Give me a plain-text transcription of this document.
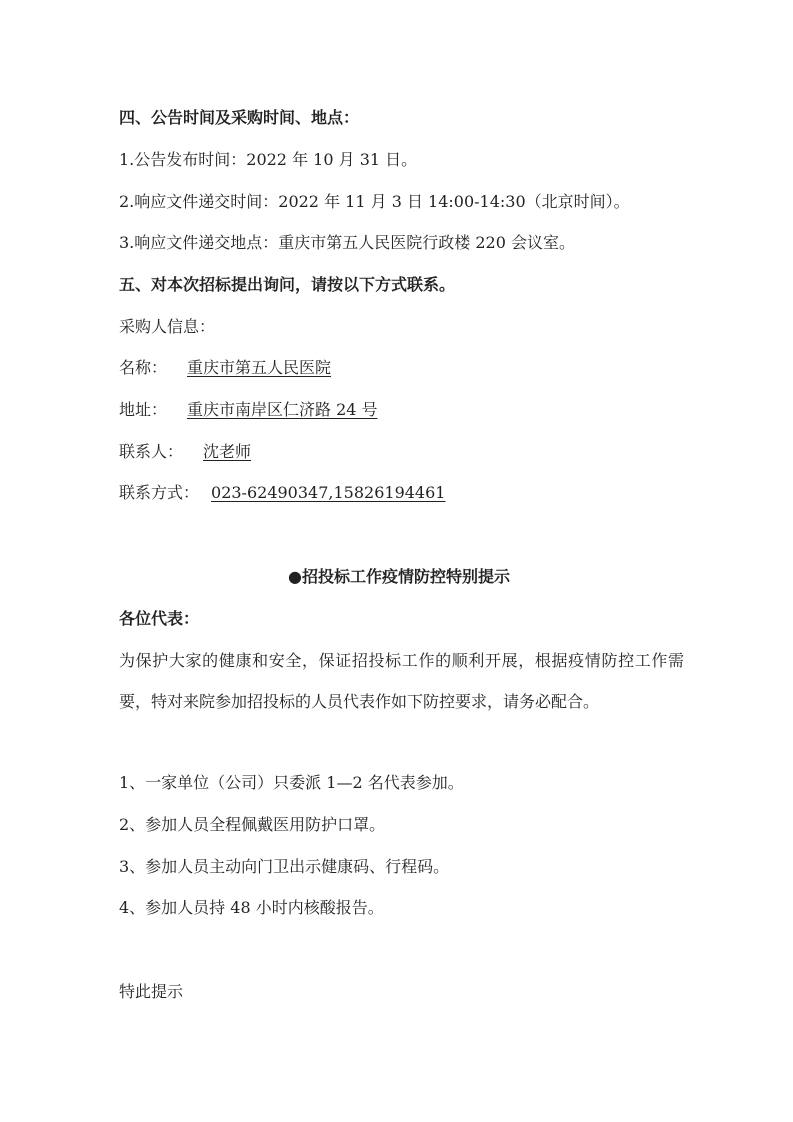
四、公告时间及采购时间、地点：
1.公告发布时间：2022 年 10 月 31 日。
2.响应文件递交时间：2022 年 11 月 3 日 14:00-14:30（北京时间）。
3.响应文件递交地点：重庆市第五人民医院行政楼 220 会议室。
五、对本次招标提出询问，请按以下方式联系。
采购人信息：
名称： 重庆市第五人民医院
地址： 重庆市南岸区仁济路 24 号
联系人： 沈老师
联系方式： 023-62490347,15826194461
●招投标工作疫情防控特别提示
各位代表：
为保护大家的健康和安全，保证招投标工作的顺利开展，根据疫情防控工作需要，特对来院参加招投标的人员代表作如下防控要求，请务必配合。
1、一家单位（公司）只委派 1—2 名代表参加。
2、参加人员全程佩戴医用防护口罩。
3、参加人员主动向门卫出示健康码、行程码。
4、参加人员持 48 小时内核酸报告。
特此提示
